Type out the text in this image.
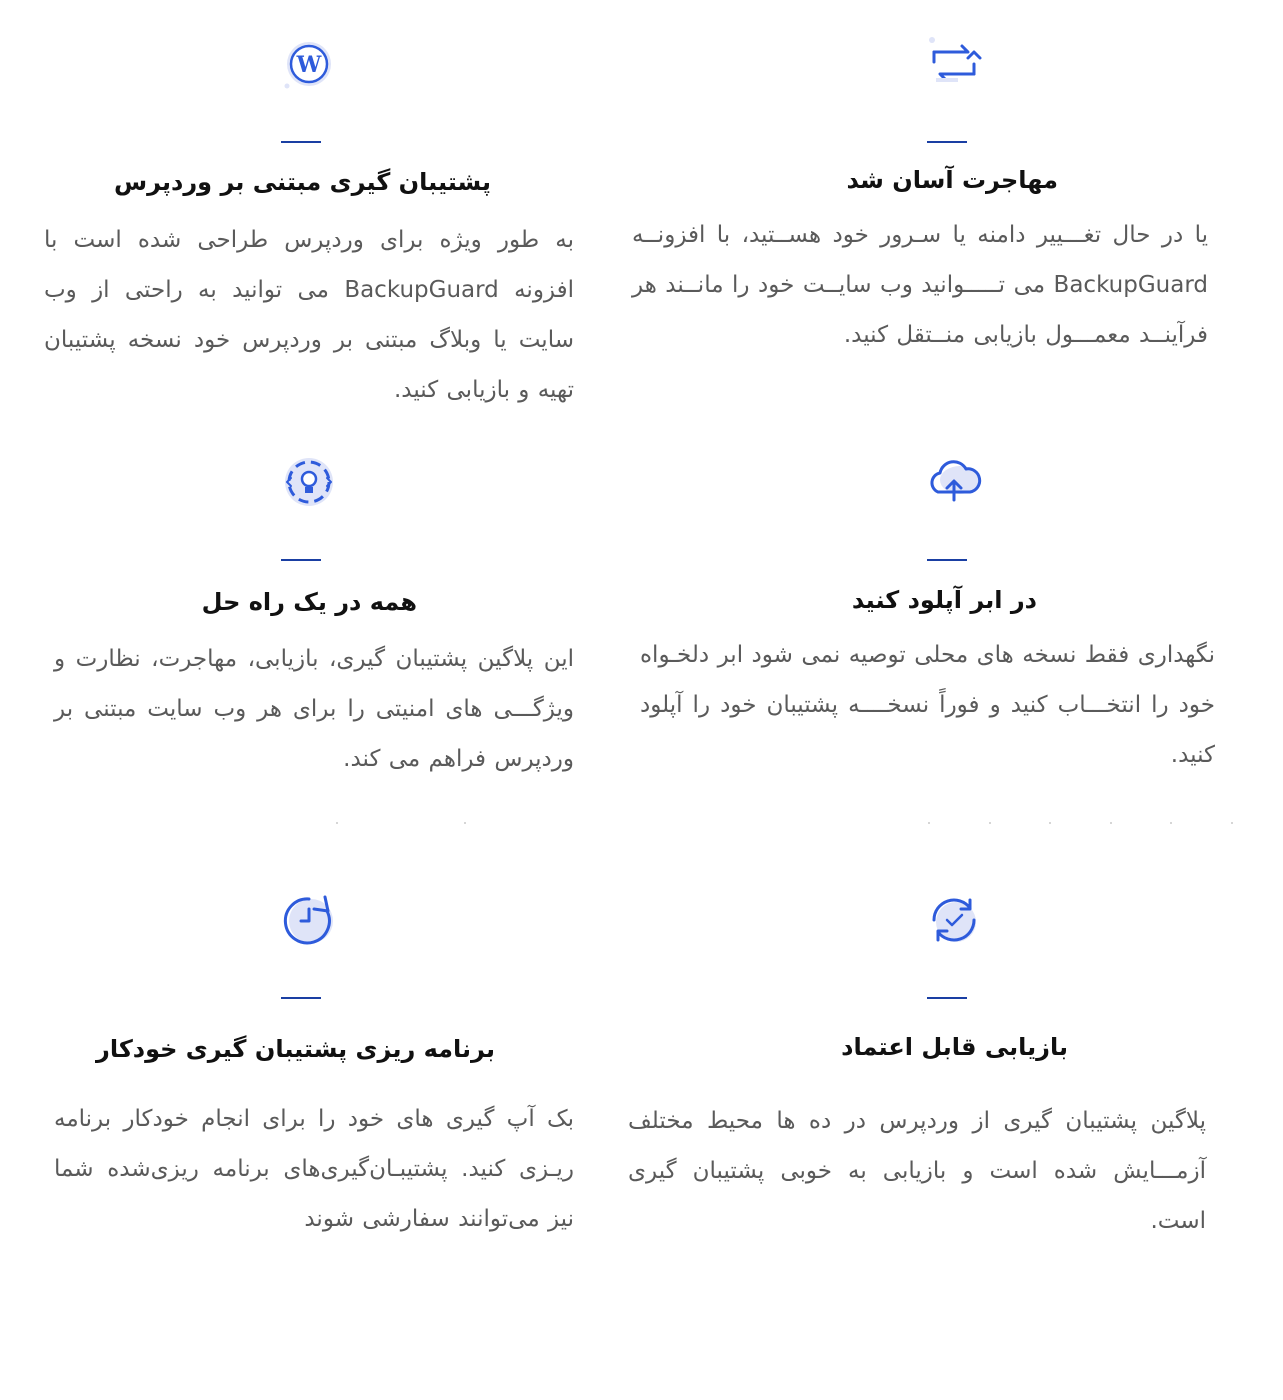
مهاجرت آسان شد

یا در حال تغـــییر دامنه یا سـرور خود هســتید، با افزونــه BackupGuard می تـــــوانید وب سایــت خود را مانــند هر فرآینــد معمـــول بازیابی منــتقل کنید.

W
پشتیبان گیری مبتنی بر وردپرس

به طور ویژه برای وردپرس طراحی شده است با افزونه BackupGuard می توانید به راحتی از وب سایت یا وبلاگ مبتنی بر وردپرس خود نسخه پشتیبان تهیه و بازیابی کنید.

در ابر آپلود کنید

نگهداری فقط نسخه های محلی توصیه نمی شود ابر دلخـواه خود را انتخـــاب کنید و فوراً نسخــــه پشتیبان خود را آپلود کنید.

همه در یک راه حل

این پلاگین پشتیبان گیری، بازیابی، مهاجرت، نظارت و ویژگـــی های امنیتی را برای هر وب سایت مبتنی بر وردپرس فراهم می کند.

بازیابی قابل اعتماد

پلاگین پشتیبان گیری از وردپرس در ده ها محیط مختلف آزمـــایش شده است و بازیابی به خوبی پشتیبان گیری است.

برنامه ریزی پشتیبان گیری خودکار

بک آپ گیری های خود را برای انجام خودکار برنامه ریـزی کنید. پشتیبـان‌گیری‌های برنامه ریزی‌شده شما نیز می‌توانند سفارشی شوند
